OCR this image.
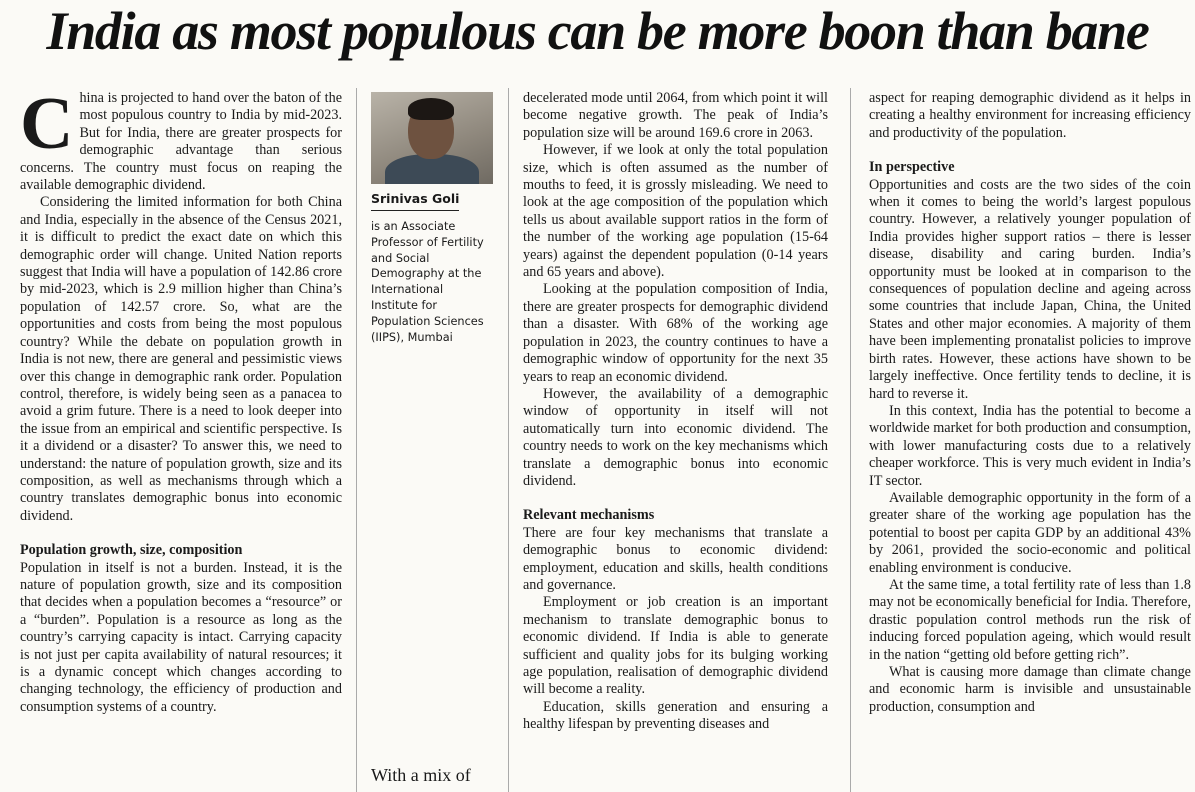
India as most populous can be more boon than bane

China is projected to hand over the baton of the most populous country to India by mid-2023. But for India, there are greater prospects for demographic advantage than serious concerns. The country must focus on reaping the available demographic dividend.

Considering the limited information for both China and India, especially in the absence of the Census 2021, it is difficult to predict the exact date on which this demographic order will change. United Nation reports suggest that India will have a population of 142.86 crore by mid-2023, which is 2.9 million higher than China’s population of 142.57 crore. So, what are the opportunities and costs from being the most populous country? While the debate on population growth in India is not new, there are general and pessimistic views over this change in demographic rank order. Population control, therefore, is widely being seen as a panacea to avoid a grim future. There is a need to look deeper into the issue from an empirical and scientific perspective. Is it a dividend or a disaster? To answer this, we need to understand: the nature of population growth, size and its composition, as well as mechanisms through which a country translates demographic bonus into economic dividend.

Population growth, size, composition

Population in itself is not a burden. Instead, it is the nature of population growth, size and its composition that decides when a population becomes a “resource” or a “burden”. Population is a resource as long as the country’s carrying capacity is intact. Carrying capacity is not just per capita availability of natural resources; it is a dynamic concept which changes according to changing technology, the efficiency of production and consumption systems of a country.

Srinivas Goli
is an Associate Professor of Fertility and Social Demography at the International Institute for Population Sciences (IIPS), Mumbai
With a mix of

decelerated mode until 2064, from which point it will become negative growth. The peak of India’s population size will be around 169.6 crore in 2063.

However, if we look at only the total population size, which is often assumed as the number of mouths to feed, it is grossly misleading. We need to look at the age composition of the population which tells us about available support ratios in the form of the number of the working age population (15-64 years) against the dependent population (0-14 years and 65 years and above).

Looking at the population composition of India, there are greater prospects for demographic dividend than a disaster. With 68% of the working age population in 2023, the country continues to have a demographic window of opportunity for the next 35 years to reap an economic dividend.

However, the availability of a demographic window of opportunity in itself will not automatically turn into economic dividend. The country needs to work on the key mechanisms which translate a demographic bonus into economic dividend.

Relevant mechanisms

There are four key mechanisms that translate a demographic bonus to economic dividend: employment, education and skills, health conditions and governance.

Employment or job creation is an important mechanism to translate demographic bonus to economic dividend. If India is able to generate sufficient and quality jobs for its bulging working age population, realisation of demographic dividend will become a reality.

Education, skills generation and ensuring a healthy lifespan by preventing diseases and

aspect for reaping demographic dividend as it helps in creating a healthy environment for increasing efficiency and productivity of the population.

In perspective

Opportunities and costs are the two sides of the coin when it comes to being the world’s largest populous country. However, a relatively younger population of India provides higher support ratios – there is lesser disease, disability and caring burden. India’s opportunity must be looked at in comparison to the consequences of population decline and ageing across some countries that include Japan, China, the United States and other major economies. A majority of them have been implementing pronatalist policies to improve birth rates. However, these actions have shown to be largely ineffective. Once fertility tends to decline, it is hard to reverse it.

In this context, India has the potential to become a worldwide market for both production and consumption, with lower manufacturing costs due to a relatively cheaper workforce. This is very much evident in India’s IT sector.

Available demographic opportunity in the form of a greater share of the working age population has the potential to boost per capita GDP by an additional 43% by 2061, provided the socio-economic and political enabling environment is conducive.

At the same time, a total fertility rate of less than 1.8 may not be economically beneficial for India. Therefore, drastic population control methods run the risk of inducing forced population ageing, which would result in the nation “getting old before getting rich”.

What is causing more damage than climate change and economic harm is invisible and unsustainable production, consumption and
